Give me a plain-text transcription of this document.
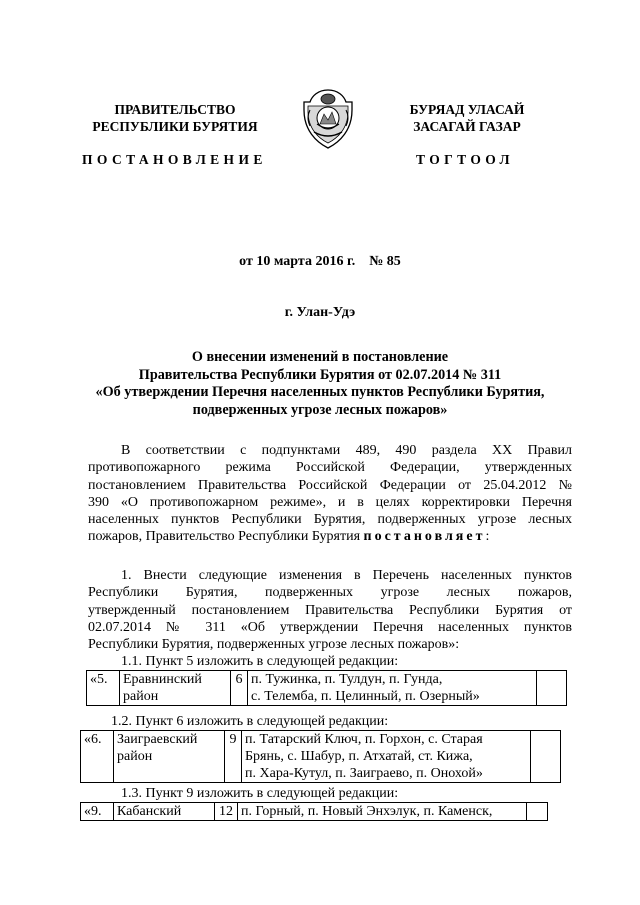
ПРАВИТЕЛЬСТВО
РЕСПУБЛИКИ БУРЯТИЯ
ПОСТАНОВЛЕНИЕ
БУРЯАД УЛАСАЙ
ЗАСАГАЙ ГАЗАР
ТОГТООЛ
от 10 марта 2016 г. № 85
г. Улан-Удэ
О внесении изменений в постановление
Правительства Республики Бурятия от 02.07.2014 № 311
«Об утверждении Перечня населенных пунктов Республики Бурятия,
подверженных угрозе лесных пожаров»
В соответствии с подпунктами 489, 490 раздела XX Правил
противопожарного режима Российской Федерации, утвержденных
постановлением Правительства Российской Федерации от 25.04.2012 №
390 «О противопожарном режиме», и в целях корректировки Перечня
населенных пунктов Республики Бурятия, подверженных угрозе лесных
пожаров, Правительство Республики Бурятия постановляет:
1. Внести следующие изменения в Перечень населенных пунктов
Республики Бурятия, подверженных угрозе лесных пожаров,
утвержденный постановлением Правительства Республики Бурятия от
02.07.2014 № 311 «Об утверждении Перечня населенных пунктов
Республики Бурятия, подверженных угрозе лесных пожаров»:
1.1. Пункт 5 изложить в следующей редакции:
«5.	Еравнинский
район
	6	п. Тужинка, п. Тулдун, п. Гунда,
с. Телемба, п. Целинный, п. Озерный»

1.2. Пункт 6 изложить в следующей редакции:
«6.	Заиграевский
район
	9	п. Татарский Ключ, п. Горхон, с. Старая
Брянь, с. Шабур, п. Атхатай, ст. Кижа,
п. Хара-Кутул, п. Заиграево, п. Онохой»

1.3. Пункт 9 изложить в следующей редакции:
«9.	Кабанский	12	п. Горный, п. Новый Энхэлук, п. Каменск,
